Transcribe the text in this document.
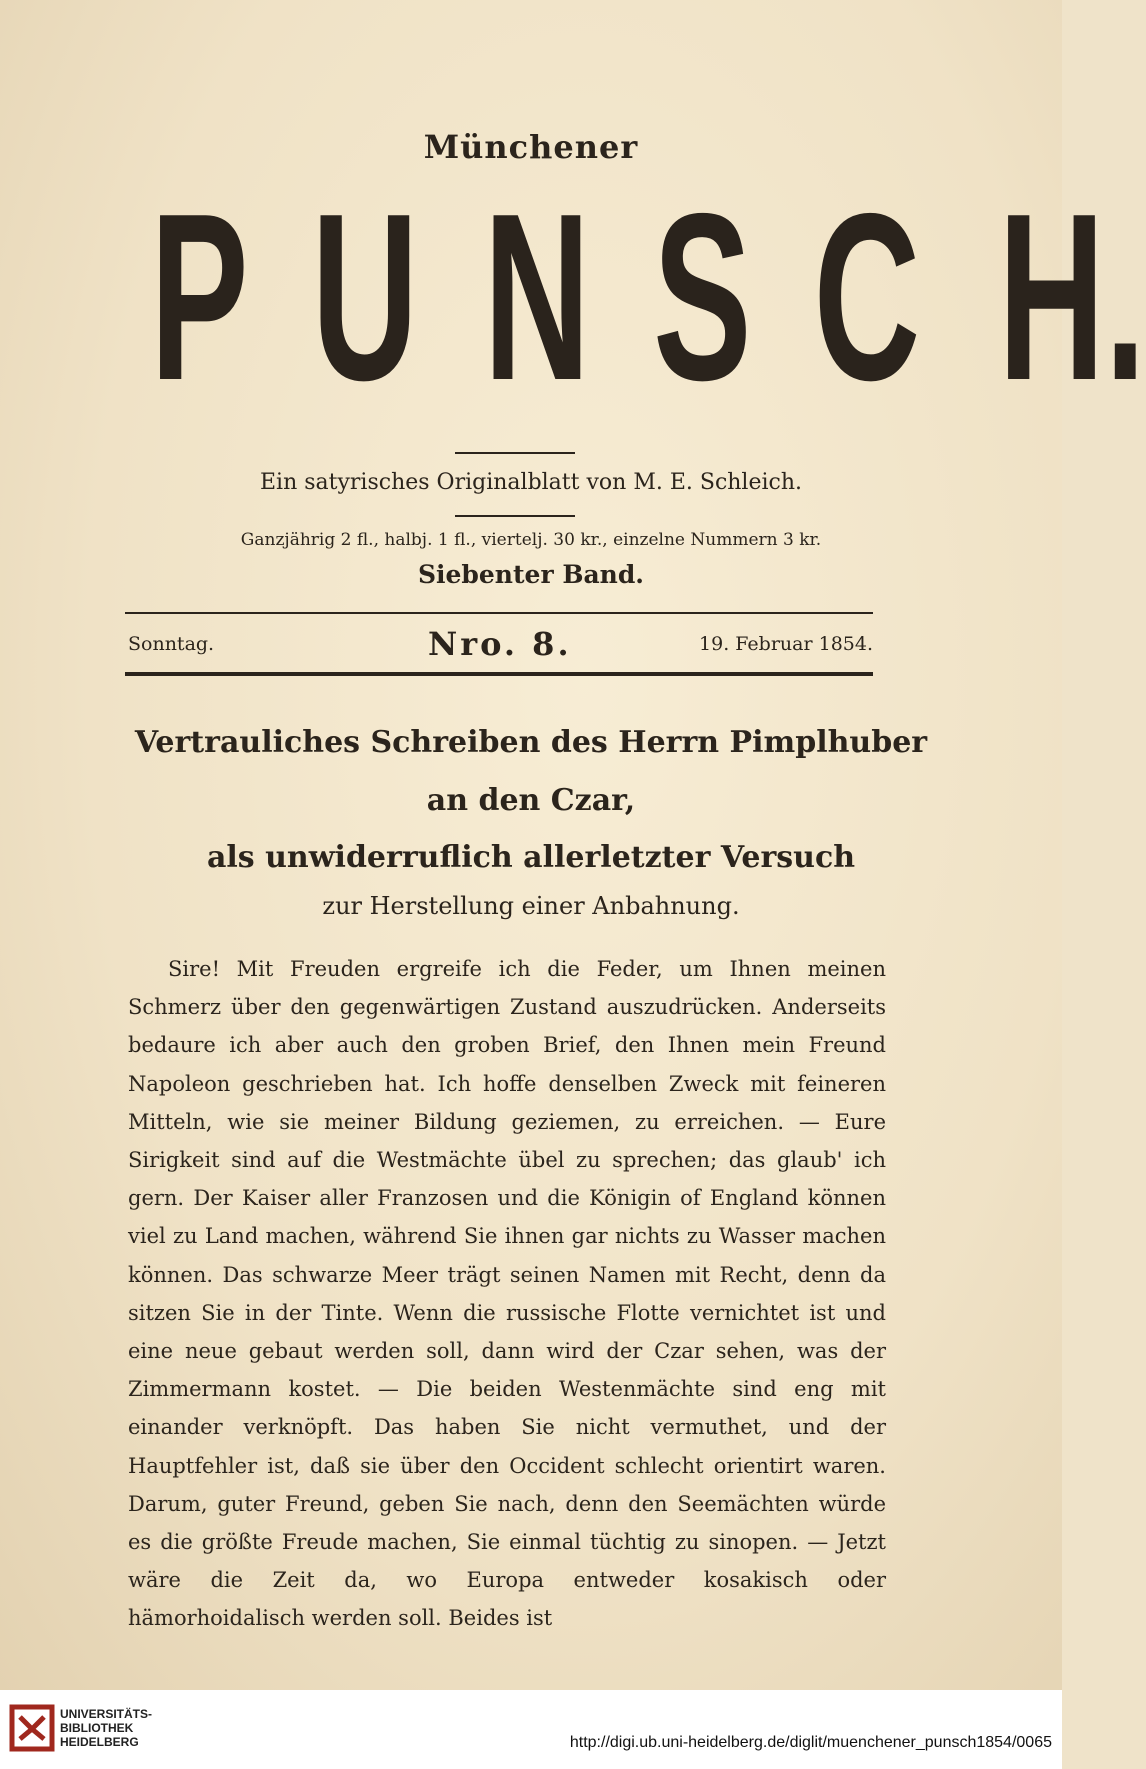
Münchener
P U N S C H.
Ein satyrisches Originalblatt von M. E. Schleich.
Ganzjährig 2 fl., halbj. 1 fl., viertelj. 30 kr., einzelne Nummern 3 kr.
Siebenter Band.
Sonntag.	Nro. 8.	19. Februar 1854.
Vertrauliches Schreiben des Herrn Pimplhuber
an den Czar,
als unwiderruflich allerletzter Versuch
zur Herstellung einer Anbahnung.

Sire! Mit Freuden ergreife ich die Feder, um Ihnen meinen Schmerz über den gegenwärtigen Zustand auszudrücken. Anderseits bedaure ich aber auch den groben Brief, den Ihnen mein Freund Napoleon geschrieben hat. Ich hoffe denselben Zweck mit feineren Mitteln, wie sie meiner Bildung geziemen, zu erreichen. — Eure Sirigkeit sind auf die Westmächte übel zu sprechen; das glaub' ich gern. Der Kaiser aller Franzosen und die Königin of England können viel zu Land machen, während Sie ihnen gar nichts zu Wasser machen können. Das schwarze Meer trägt seinen Namen mit Recht, denn da sitzen Sie in der Tinte. Wenn die russische Flotte vernichtet ist und eine neue gebaut werden soll, dann wird der Czar sehen, was der Zimmermann kostet. — Die beiden Westenmächte sind eng mit einander verknöpft. Das haben Sie nicht vermuthet, und der Hauptfehler ist, daß sie über den Occident schlecht orientirt waren. Darum, guter Freund, geben Sie nach, denn den Seemächten würde es die größte Freude machen, Sie einmal tüchtig zu sinopen. — Jetzt wäre die Zeit da, wo Europa entweder kosakisch oder hämorhoidalisch werden soll. Beides ist

UNIVERSITÄTS-
BIBLIOTHEK
HEIDELBERG	http://digi.ub.uni-heidelberg.de/diglit/muenchener_punsch1854/0065
